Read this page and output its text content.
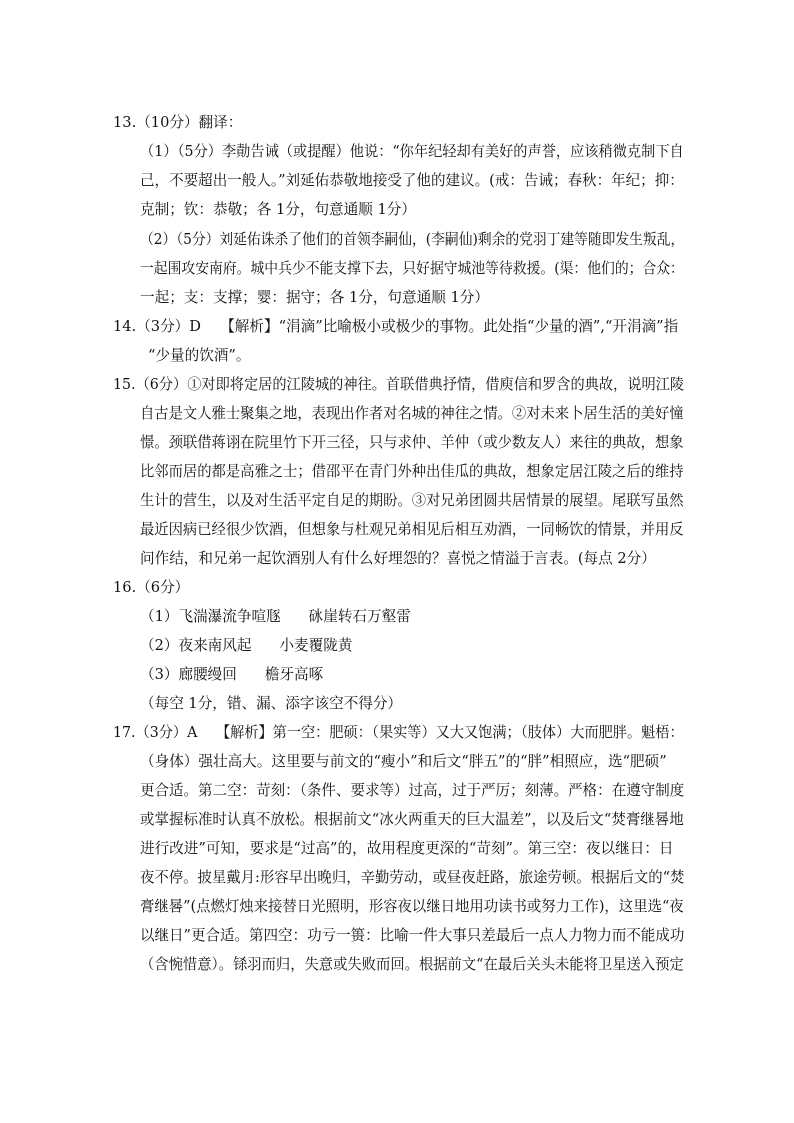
13.（10分）翻译：
（1）（5分）李勣告诫（或提醒）他说：“你年纪轻却有美好的声誉，应该稍微克制下自
己，不要超出一般人。”刘延佑恭敬地接受了他的建议。(戒：告诫；春秋：年纪；抑：
克制；钦：恭敬；各 1分，句意通顺 1分）
（2）（5分）刘延佑诛杀了他们的首领李嗣仙，(李嗣仙)剩余的党羽丁建等随即发生叛乱，
一起围攻安南府。城中兵少不能支撑下去，只好据守城池等待救援。(渠：他们的；合众：
一起；支：支撑；婴：据守；各 1分，句意通顺 1分）
14.（3分）D　 【解析】“涓滴”比喻极小或极少的事物。此处指“少量的酒”,“开涓滴”指
“少量的饮酒”。
15.（6分）①对即将定居的江陵城的神往。首联借典抒情，借庾信和罗含的典故，说明江陵
自古是文人雅士聚集之地，表现出作者对名城的神往之情。②对未来卜居生活的美好憧
憬。颈联借蒋诩在院里竹下开三径，只与求仲、羊仲（或少数友人）来往的典故，想象
比邻而居的都是高雅之士；借邵平在青门外种出佳瓜的典故，想象定居江陵之后的维持
生计的营生，以及对生活平定自足的期盼。③对兄弟团圆共居情景的展望。尾联写虽然
最近因病已经很少饮酒，但想象与杜观兄弟相见后相互劝酒，一同畅饮的情景，并用反
问作结，和兄弟一起饮酒别人有什么好埋怨的？喜悦之情溢于言表。(每点 2分）
16.（6分）
（1）飞湍瀑流争喧豗 砯崖转石万壑雷
（2）夜来南风起 小麦覆陇黄
（3）廊腰缦回 檐牙高啄
（每空 1分，错、漏、添字该空不得分）
17.（3分）A　 【解析】第一空：肥硕：（果实等）又大又饱满；（肢体）大而肥胖。魁梧：
（身体）强壮高大。这里要与前文的“瘦小”和后文“胖五”的“胖”相照应，选“肥硕”
更合适。第二空：苛刻：（条件、要求等）过高，过于严厉；刻薄。严格：在遵守制度
或掌握标准时认真不放松。根据前文“冰火两重天的巨大温差”，以及后文“焚膏继晷地
进行改进”可知，要求是“过高”的，故用程度更深的“苛刻”。第三空：夜以继日：日
夜不停。披星戴月:形容早出晚归，辛勤劳动，或昼夜赶路，旅途劳顿。根据后文的“焚
膏继晷”(点燃灯烛来接替日光照明，形容夜以继日地用功读书或努力工作)，这里选“夜
以继日”更合适。第四空：功亏一篑：比喻一件大事只差最后一点人力物力而不能成功
（含惋惜意）。铩羽而归，失意或失败而回。根据前文“在最后关头未能将卫星送入预定
